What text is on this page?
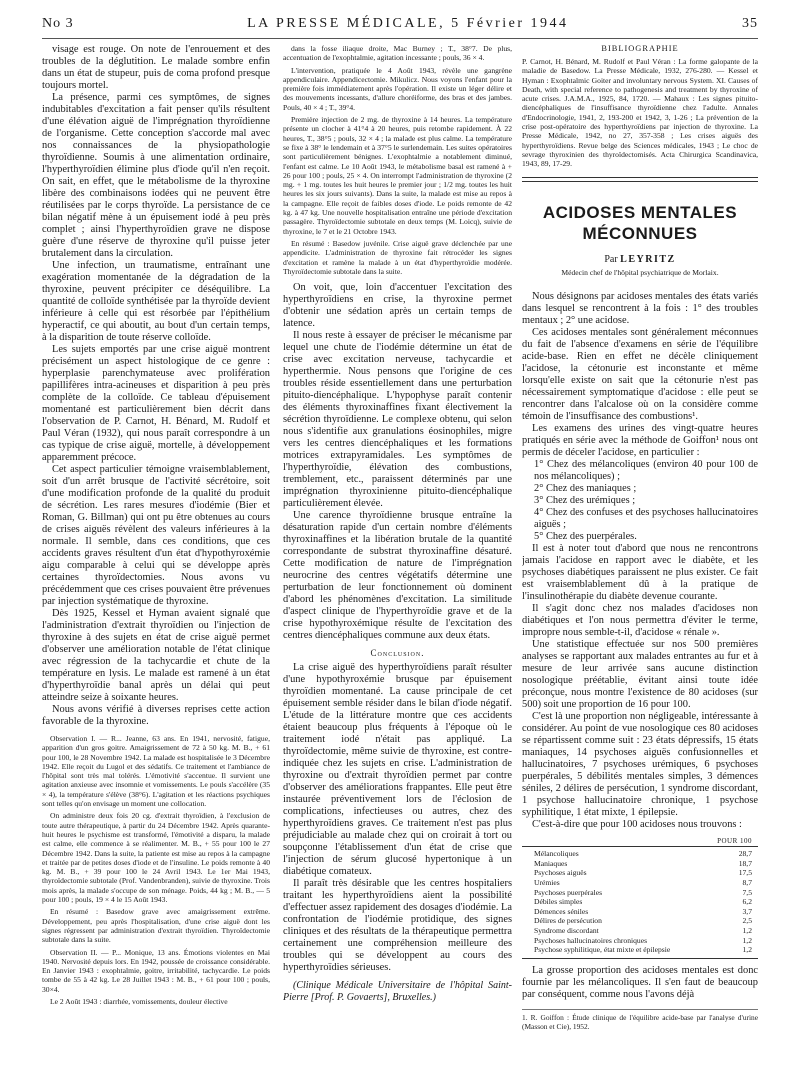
No 3	LA PRESSE MÉDICALE, 5 Février 1944	35

visage est rouge. On note de l'enrouement et des troubles de la déglutition. Le malade sombre enfin dans un état de stupeur, puis de coma profond presque toujours mortel.

La présence, parmi ces symptômes, de signes indubitables d'excitation a fait penser qu'ils résultent d'une élévation aiguë de l'imprégnation thyroïdienne de l'organisme. Cette conception s'accorde mal avec nos connaissances de la physiopathologie thyroïdienne. Soumis à une alimentation ordinaire, l'hyperthyroïdien élimine plus d'iode qu'il n'en reçoit. On sait, en effet, que le métabolisme de la thyroxine libère des combinaisons iodées qui ne peuvent être réutilisées par le corps thyroïde. La persistance de ce bilan négatif mène à un épuisement iodé à peu près complet ; ainsi l'hyperthyroïdien grave ne dispose guère d'une réserve de thyroxine qu'il puisse jeter brutalement dans la circulation.

Une infection, un traumatisme, entraînant une exagération momentanée de la dégradation de la thyroxine, peuvent précipiter ce déséquilibre. La quantité de colloïde synthétisée par la thyroïde devient inférieure à celle qui est résorbée par l'épithélium hyperactif, ce qui aboutit, au bout d'un certain temps, à la disparition de toute réserve colloïde.

Les sujets emportés par une crise aiguë montrent précisément un aspect histologique de ce genre : hyperplasie parenchymateuse avec prolifération papillifères intra-acineuses et disparition à peu près complète de la colloïde. Ce tableau d'épuisement momentané est particulièrement bien décrit dans l'observation de P. Carnot, H. Bénard, M. Rudolf et Paul Véran (1932), qui nous paraît correspondre à un cas typique de crise aiguë, mortelle, à développement apparemment précoce.

Cet aspect particulier témoigne vraisemblablement, soit d'un arrêt brusque de l'activité sécrétoire, soit d'une modification profonde de la qualité du produit de sécrétion. Les rares mesures d'iodémie (Bier et Roman, G. Billman) qui ont pu être obtenues au cours de crises aiguës révèlent des valeurs inférieures à la normale. Il semble, dans ces conditions, que ces accidents graves résultent d'un état d'hypothyroxémie aigu comparable à celui qui se développe après certaines thyroïdectomies. Nous avons vu précédemment que ces crises pouvaient être prévenues par injection systématique de thyroxine.

Dès 1925, Kessel et Hyman avaient signalé que l'administration d'extrait thyroïdien ou l'injection de thyroxine à des sujets en état de crise aiguë permet d'observer une amélioration notable de l'état clinique avec régression de la tachycardie et chute de la température en lysis. Le malade est ramené à un état d'hyperthyroïdie banal après un délai qui peut atteindre seize à soixante heures.

Nous avons vérifié à diverses reprises cette action favorable de la thyroxine.

Observation I. — R... Jeanne, 63 ans. En 1941, nervosité, fatigue, apparition d'un gros goitre. Amaigrissement de 72 à 50 kg. M. B., + 61 pour 100, le 28 Novembre 1942. La malade est hospitalisée le 3 Décembre 1942. Elle reçoit du Lugol et des sédatifs. Ce traitement et l'ambiance de l'hôpital sont très mal tolérés. L'émotivité s'accentue. Il survient une agitation anxieuse avec insomnie et vomissements. Le pouls s'accélère (35 × 4), la température s'élève (38°6). L'agitation et les réactions psychiques sont telles qu'on envisage un moment une collocation.

On administre deux fois 20 cg. d'extrait thyroïdien, à l'exclusion de toute autre thérapeutique, à partir du 24 Décembre 1942. Après quarante-huit heures le psychisme est transformé, l'émotivité a disparu, la malade est calme, elle commence à se réalimenter. M. B., + 55 pour 100 le 27 Décembre 1942. Dans la suite, la patiente est mise au repos à la campagne et traitée par de petites doses d'iode et de l'insuline. Le poids remonte à 40 kg. M. B., + 39 pour 100 le 24 Avril 1943. Le 1er Mai 1943, thyroïdectomie subtotale (Prof. Vandenbranden), suivie de thyroxine. Trois mois après, la malade s'occupe de son ménage. Poids, 44 kg ; M. B., — 5 pour 100 ; pouls, 19 × 4 le 15 Août 1943.

En résumé : Basedow grave avec amaigrissement extrême. Développement, peu après l'hospitalisation, d'une crise aiguë dont les signes régressent par administration d'extrait thyroïdien. Thyroïdectomie subtotale dans la suite.

Observation II. — P... Monique, 13 ans. Émotions violentes en Mai 1940. Nervosité depuis lors. En 1942, poussée de croissance considérable. En Janvier 1943 : exophtalmie, goitre, irritabilité, tachycardie. Le poids tombe de 55 à 42 kg. Le 28 Juillet 1943 : M. B., + 61 pour 100 ; pouls, 30×4.

Le 2 Août 1943 : diarrhée, vomissements, douleur élective

dans la fosse iliaque droite, Mac Burney ; T., 38°7. De plus, accentuation de l'exophtalmie, agitation incessante ; pouls, 36 × 4.

L'intervention, pratiquée le 4 Août 1943, révèle une gangrène appendiculaire. Appendicectomie. Mikulicz. Nous voyons l'enfant pour la première fois immédiatement après l'opération. Il existe un léger délire et des mouvements incessants, d'allure choréiforme, des bras et des jambes. Pouls, 40 × 4 ; T., 39°4.

Première injection de 2 mg. de thyroxine à 14 heures. La température présente un clocher à 41°4 à 20 heures, puis retombe rapidement. À 22 heures, T., 38°5 ; pouls, 32 × 4 ; la malade est plus calme. La température se fixe à 38° le lendemain et à 37°5 le surlendemain. Les suites opératoires sont particulièrement bénignes. L'exophtalmie a notablement diminué, l'enfant est calme. Le 10 Août 1943, le métabolisme basal est ramené à + 26 pour 100 ; pouls, 25 × 4. On interrompt l'administration de thyroxine (2 mg. + 1 mg. toutes les huit heures le premier jour ; 1/2 mg. toutes les huit heures les six jours suivants). Dans la suite, la malade est mise au repos à la campagne. Elle reçoit de faibles doses d'iode. Le poids remonte de 42 kg. à 47 kg. Une nouvelle hospitalisation entraîne une période d'excitation passagère. Thyroïdectomie subtotale en deux temps (M. Loicq), suivie de thyroxine, le 7 et le 21 Octobre 1943.

En résumé : Basedow juvénile. Crise aiguë grave déclenchée par une appendicite. L'administration de thyroxine fait rétrocéder les signes d'excitation et ramène la malade à un état d'hyperthyroïdie modérée. Thyroïdectomie subtotale dans la suite.

On voit, que, loin d'accentuer l'excitation des hyperthyroïdiens en crise, la thyroxine permet d'obtenir une sédation après un certain temps de latence.

Il nous reste à essayer de préciser le mécanisme par lequel une chute de l'iodémie détermine un état de crise avec excitation nerveuse, tachycardie et hyperthermie. Nous pensons que l'origine de ces troubles réside essentiellement dans une perturbation pituito-diencéphalique. L'hypophyse paraît contenir des éléments thyroxinaffines fixant électivement la sécrétion thyroïdienne. Le complexe obtenu, qui selon nous s'identifie aux granulations éosinophiles, migre vers les centres diencéphaliques et les formations motrices extrapyramidales. Les symptômes de l'hyperthyroïdie, élévation des combustions, tremblement, etc., paraissent déterminés par une imprégnation thyroxinienne pituito-diencéphalique particulièrement élevée.

Une carence thyroïdienne brusque entraîne la désaturation rapide d'un certain nombre d'éléments thyroxinaffines et la libération brutale de la quantité correspondante de substrat thyroxinaffine désaturé. Cette modification de nature de l'imprégnation neurocrine des centres végétatifs détermine une perturbation de leur fonctionnement où dominent d'abord les phénomènes d'excitation. La similitude d'aspect clinique de l'hyperthyroïdie grave et de la crise hypothyroxémique résulte de l'excitation des centres diencéphaliques commune aux deux états.

Conclusion.

La crise aiguë des hyperthyroïdiens paraît résulter d'une hypothyroxémie brusque par épuisement thyroïdien momentané. La cause principale de cet épuisement semble résider dans le bilan d'iode négatif. L'étude de la littérature montre que ces accidents étaient beaucoup plus fréquents à l'époque où le traitement iodé n'était pas appliqué. La thyroïdectomie, même suivie de thyroxine, est contre-indiquée chez les sujets en crise. L'administration de thyroxine ou d'extrait thyroïdien permet par contre d'observer des améliorations frappantes. Elle peut être instaurée préventivement lors de l'éclosion de complications, infectieuses ou autres, chez des hyperthyroïdiens graves. Ce traitement n'est pas plus préjudiciable au malade chez qui on croirait à tort ou soupçonne l'établissement d'un état de crise que l'injection de sérum glucosé hypertonique à un diabétique comateux.

Il paraît très désirable que les centres hospitaliers traitant les hyperthyroïdiens aient la possibilité d'effectuer assez rapidement des dosages d'iodémie. La confrontation de l'iodémie protidique, des signes cliniques et des résultats de la thérapeutique permettra certainement une compréhension meilleure des troubles qui se développent au cours des hyperthyroïdies sérieuses.

(Clinique Médicale Universitaire de l'hôpital Saint-Pierre [Prof. P. Govaerts], Bruxelles.)
BIBLIOGRAPHIE

P. Carnot, H. Bénard, M. Rudolf et Paul Véran : La forme galopante de la maladie de Basedow. La Presse Médicale, 1932, 276-280. — Kessel et Hyman : Exophtalmic Goiter and involuntary nervous System. XI. Causes of Death, with special reference to pathogenesis and treatment by thyroxine of acute crises. J.A.M.A., 1925, 84, 1720. — Mahaux : Les signes pituito-diencéphaliques de l'insuffisance thyroïdienne chez l'adulte. Annales d'Endocrinologie, 1941, 2, 193-200 et 1942, 3, 1-26 ; La prévention de la crise post-opératoire des hyperthyroïdiens par injection de thyroxine. La Presse Médicale, 1942, no 27, 357-358 ; Les crises aiguës des hyperthyroïdiens. Revue belge des Sciences médicales, 1943 ; Le choc de sevrage thyroxinien des thyroïdectomisés. Acta Chirurgica Scandinavica, 1943, 89, 17-29.

ACIDOSES MENTALES
MÉCONNUES
Par LEYRITZ
Médecin chef de l'hôpital psychiatrique de Morlaix.

Nous désignons par acidoses mentales des états variés dans lesquel se rencontrent à la fois : 1° des troubles mentaux ; 2° une acidose.

Ces acidoses mentales sont généralement méconnues du fait de l'absence d'examens en série de l'équilibre acide-base. Rien en effet ne décèle cliniquement l'acidose, la cétonurie est inconstante et même lorsqu'elle existe on sait que la cétonurie n'est pas nécessairement symptomatique d'acidose : elle peut se rencontrer dans l'alcalose où on la considère comme témoin de l'insuffisance des combustions¹.

Les examens des urines des vingt-quatre heures pratiqués en série avec la méthode de Goiffon¹ nous ont permis de déceler l'acidose, en particulier :

1° Chez des mélancoliques (environ 40 pour 100 de nos mélancoliques) ;
2° Chez des maniaques ;
3° Chez des urémiques ;
4° Chez des confuses et des psychoses hallucinatoires aiguës ;
5° Chez des puerpérales.

Il est à noter tout d'abord que nous ne rencontrons jamais l'acidose en rapport avec le diabète, et les psychoses diabétiques paraissent ne plus exister. Ce fait est vraisemblablement dû à la pratique de l'insulinothérapie du diabète devenue courante.

Il s'agit donc chez nos malades d'acidoses non diabétiques et l'on nous permettra d'éviter le terme, impropre nous semble-t-il, d'acidose « rénale ».

Une statistique effectuée sur nos 500 premières analyses se rapportant aux malades entrantes au fur et à mesure de leur arrivée sans aucune distinction nosologique préétablie, évitant ainsi toute idée préconçue, nous montre l'existence de 80 acidoses (sur 500) soit une proportion de 16 pour 100.

C'est là une proportion non négligeable, intéressante à considérer. Au point de vue nosologique ces 80 acidoses se répartissent comme suit : 23 états dépressifs, 15 états maniaques, 14 psychoses aiguës confusionnelles et hallucinatoires, 7 psychoses urémiques, 6 psychoses puerpérales, 5 débilités mentales simples, 3 démences séniles, 2 délires de persécution, 1 syndrome discordant, 1 psychose hallucinatoire chronique, 1 psychose syphilitique, 1 état mixte, 1 épilepsie.

C'est-à-dire que pour 100 acidoses nous trouvons :

POUR 100
Mélancoliques	28,7
Maniaques	18,7
Psychoses aiguës	17,5
Urémies	8,7
Psychoses puerpérales	7,5
Débiles simples	6,2
Démences séniles	3,7
Délires de persécution	2,5
Syndrome discordant	1,2
Psychoses hallucinatoires chroniques	1,2
Psychose syphilitique, état mixte et épilepsie	1,2

La grosse proportion des acidoses mentales est donc fournie par les mélancoliques. Il s'en faut de beaucoup par conséquent, comme nous l'avons déjà

1. R. Goiffon : Étude clinique de l'équilibre acide-base par l'analyse d'urine (Masson et Cie), 1952.
